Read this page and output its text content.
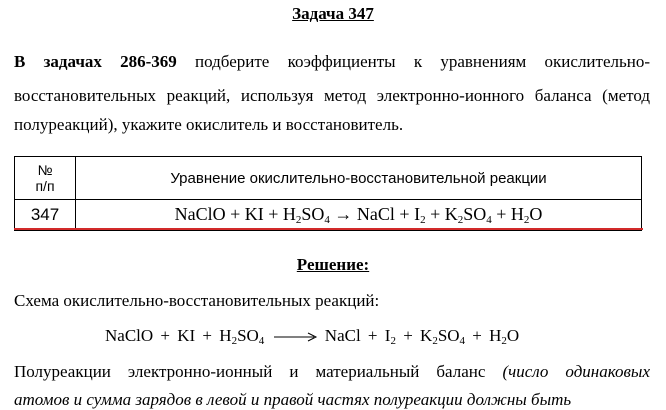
Задача 347
В задачах 286-369 подберите коэффициенты к уравнениям окислительно-
восстановительных реакций, используя метод электронно-ионного баланса (метод
полуреакций), укажите окислитель и восстановитель.
№
п/п	Уравнение окислительно-восстановительной реакции
347	NaClO + KI + $H_2SO_4$ → NaCl + $I_2 + K_2SO_4 + H_2O$
Решение:
Схема окислительно-восстановительных реакций:
NaClO + KI + $H_2SO_4$	NaCl + $I_2 + K_2SO_4 + H_2O$
Полуреакции электронно-ионный и материальный баланс (число одинаковых
атомов и сумма зарядов в левой и правой частях полуреакции должны быть
